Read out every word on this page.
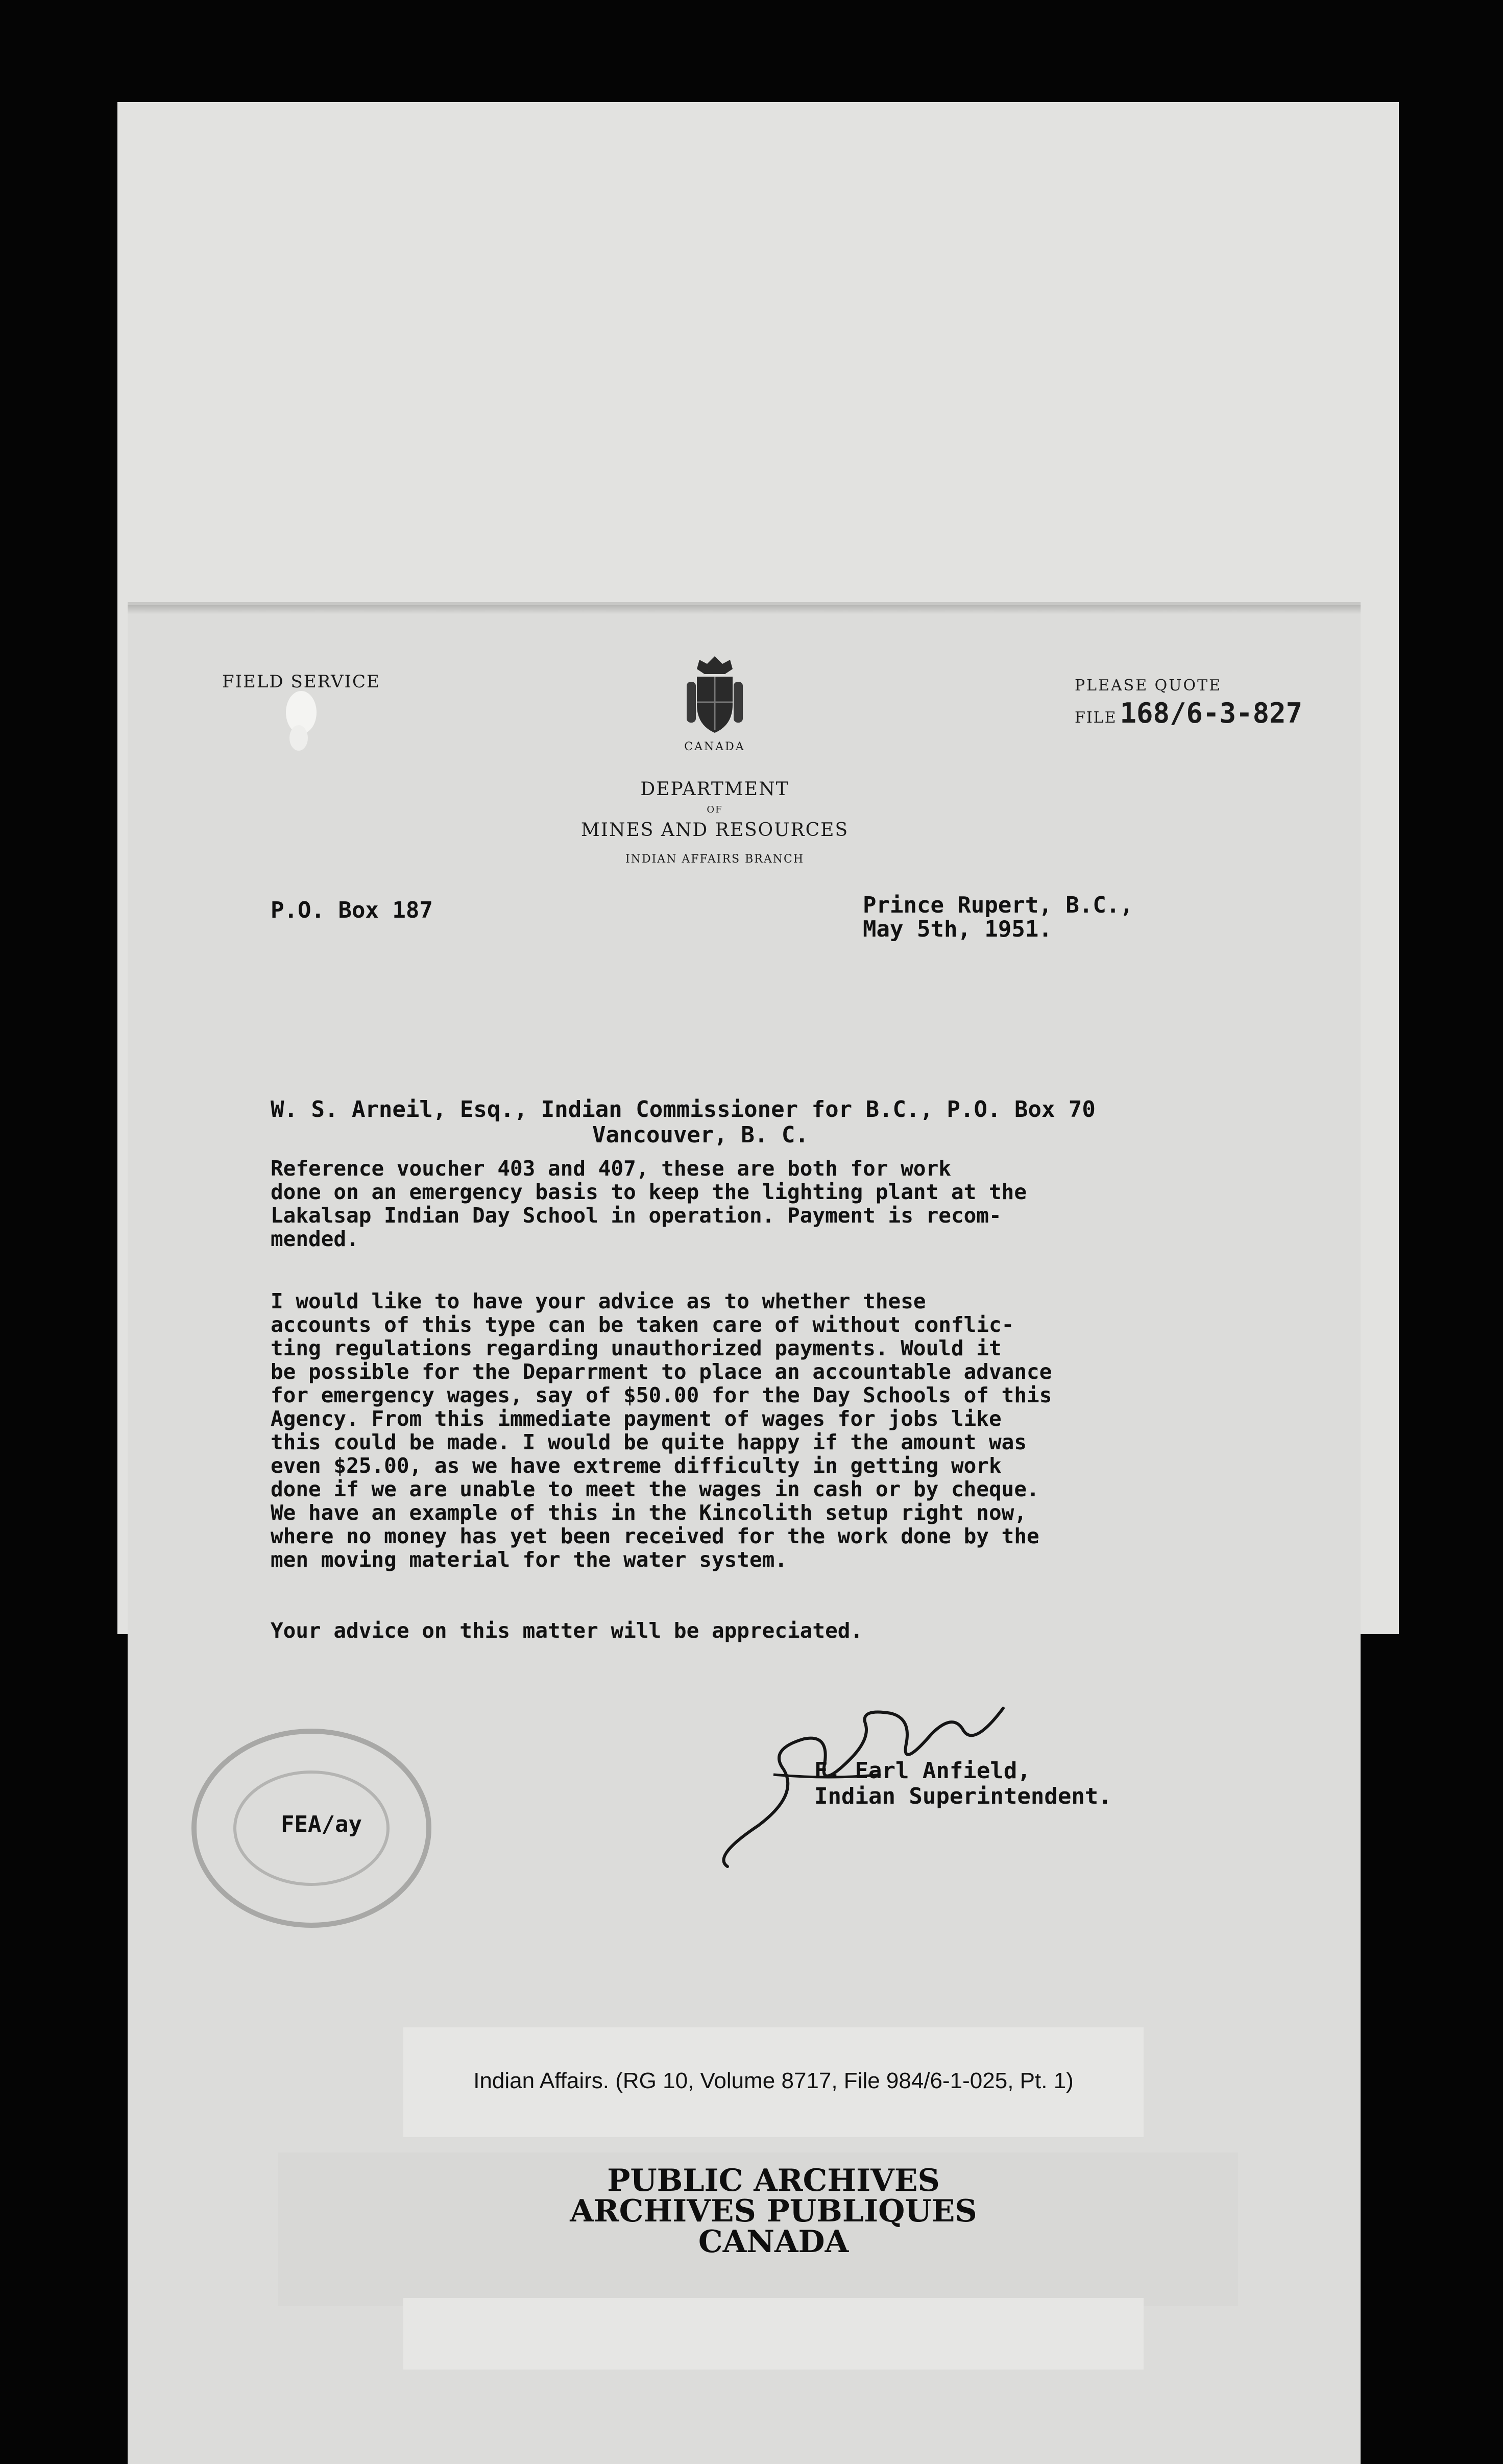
FIELD SERVICE
CANADA
DEPARTMENT
OF
MINES AND RESOURCES
INDIAN AFFAIRS BRANCH
PLEASE QUOTE
FILE 168/6-3-827
P.O. Box 187	Prince Rupert, B.C.,
May 5th, 1951.
W. S. Arneil, Esq., Indian Commissioner for B.C., P.O. Box 70
Vancouver, B. C.
Reference voucher 403 and 407, these are both for work
done on an emergency basis to keep the lighting plant at the
Lakalsap Indian Day School in operation. Payment is recom-
mended.
I would like to have your advice as to whether these
accounts of this type can be taken care of without conflic-
ting regulations regarding unauthorized payments. Would it
be possible for the Deparrment to place an accountable advance
for emergency wages, say of $50.00 for the Day Schools of this
Agency. From this immediate payment of wages for jobs like
this could be made. I would be quite happy if the amount was
even $25.00, as we have extreme difficulty in getting work
done if we are unable to meet the wages in cash or by cheque.
We have an example of this in the Kincolith setup right now,
where no money has yet been received for the work done by the
men moving material for the water system.
Your advice on this matter will be appreciated.
F. Earl Anfield,
Indian Superintendent.
FEA/ay
Indian Affairs. (RG 10, Volume 8717, File 984/6-1-025, Pt. 1)
PUBLIC ARCHIVES
ARCHIVES PUBLIQUES
CANADA
